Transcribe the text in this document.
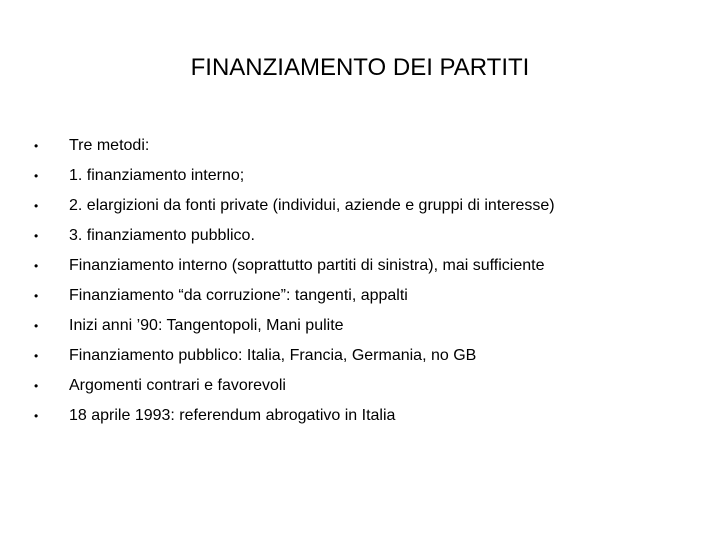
FINANZIAMENTO DEI PARTITI
• Tre metodi:
• 1. finanziamento interno;
• 2. elargizioni da fonti private (individui, aziende e gruppi di interesse)
• 3. finanziamento pubblico.
• Finanziamento interno (soprattutto partiti di sinistra), mai sufficiente
• Finanziamento “da corruzione”: tangenti, appalti
• Inizi anni ’90: Tangentopoli, Mani pulite
• Finanziamento pubblico: Italia, Francia, Germania, no GB
• Argomenti contrari e favorevoli
• 18 aprile 1993: referendum abrogativo in Italia
